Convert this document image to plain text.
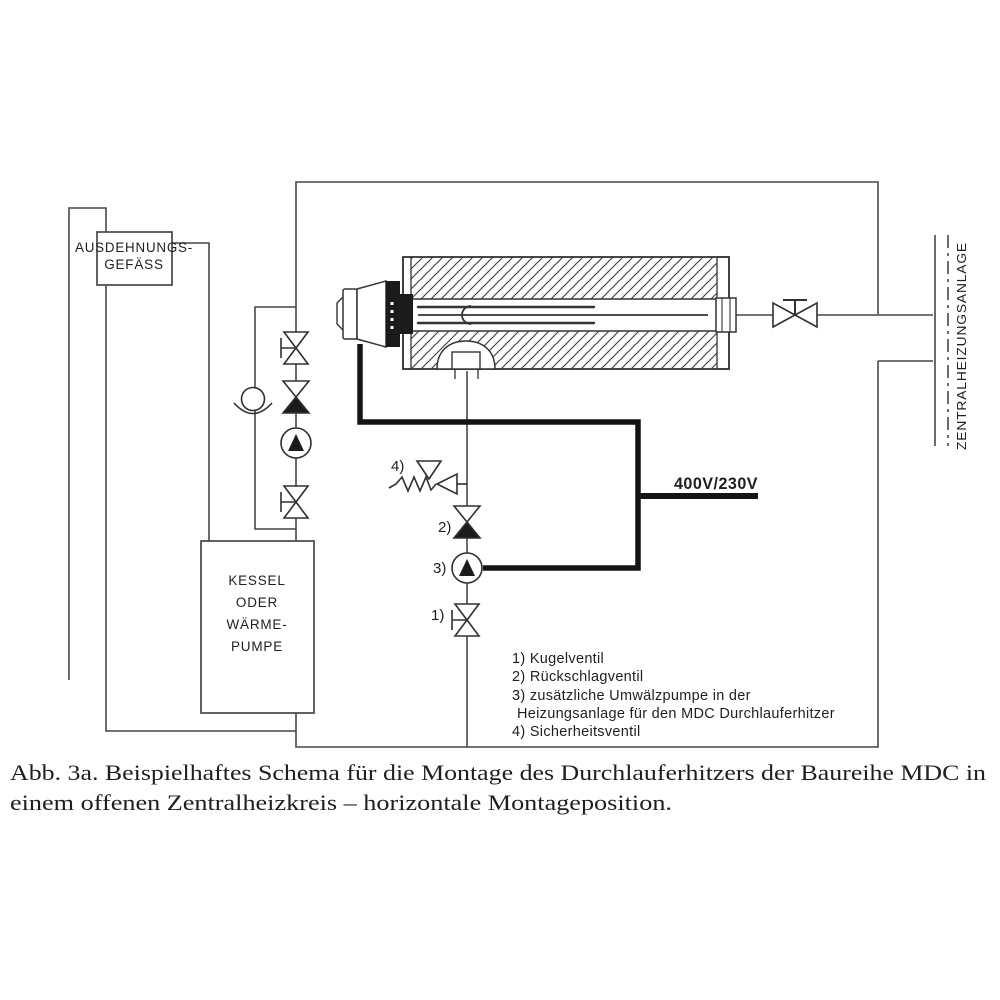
AUSDEHNUNGS-
GEFÄSS
KESSEL
ODER
WÄRME-
PUMPE
ZENTRALHEIZUNGSANLAGE
400V/230V
4)
2)
3)
1)
1) Kugelventil
2) Rückschlagventil
3) zusätzliche Umwälzpumpe in der
Heizungsanlage für den MDC Durchlauferhitzer
4) Sicherheitsventil
Abb. 3a. Beispielhaftes Schema für die Montage des Durchlauferhitzers der Baureihe MDC in
einem offenen Zentralheizkreis – horizontale Montageposition.
